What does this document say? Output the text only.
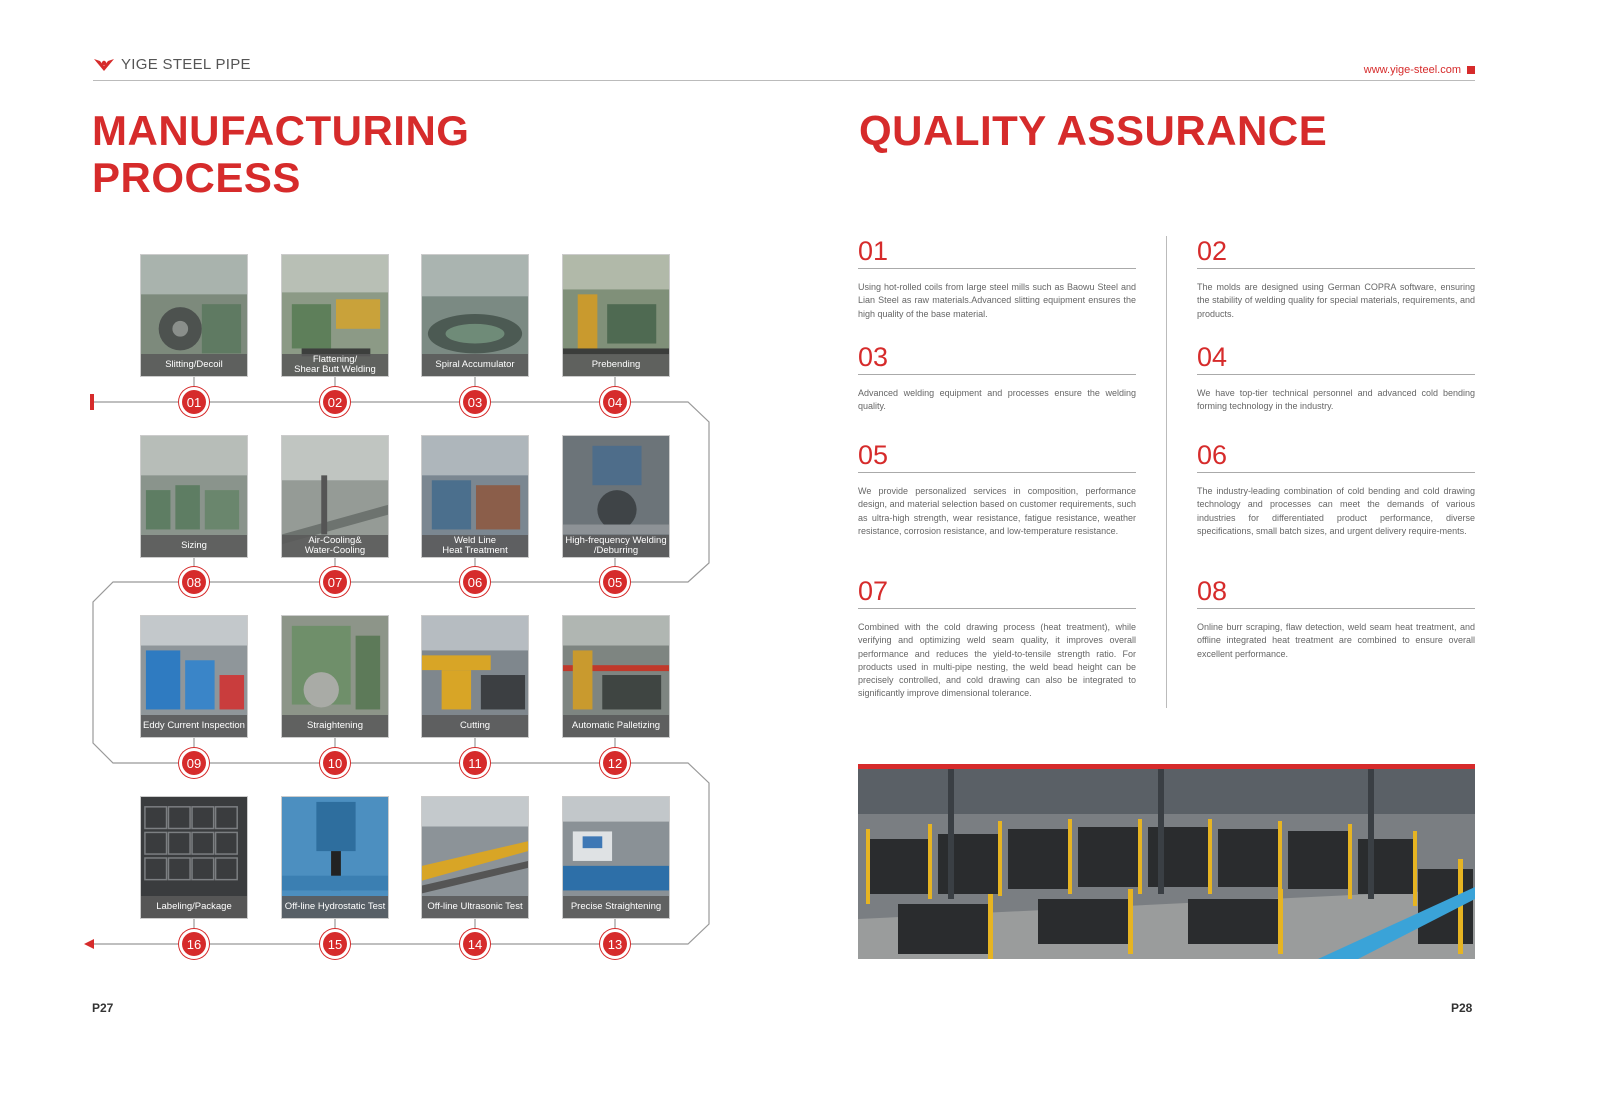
YIGE STEEL PIPE	www.yige-steel.com
MANUFACTURING
PROCESS
QUALITY ASSURANCE
Slitting/Decoil	Flattening/
Shear Butt Welding	Spiral Accumulator	Prebending
Sizing	Air-Cooling&
Water-Cooling
Weld Line
Heat Treatment
High-frequency Welding
/Deburring
Eddy Current Inspection	Straightening	Cutting	Automatic Palletizing
Labeling/Package	Off-line Hydrostatic Test	Off-line Ultrasonic Test	Precise Straightening
01	02	03	04
05
06
07
08
09	10	11	12
13
14
15
16
01
Using hot-rolled coils from large steel mills such as Baowu Steel and Lian Steel as raw materials.Advanced slitting equipment ensures the high quality of the base material.
02
The molds are designed using German COPRA software, ensuring the stability of welding quality for special materials, requirements, and products.
03
Advanced welding equipment and processes ensure the welding quality.
04
We have top-tier technical personnel and advanced cold bending forming technology in the industry.
05
We provide personalized services in composition, performance design, and material selection based on customer requirements, such as ultra-high strength, wear resistance, fatigue resistance, weather resistance, corrosion resistance, and low-temperature resistance.
06
The industry-leading combination of cold bending and cold drawing technology and processes can meet the demands of various industries for differentiated product performance, diverse specifications, small batch sizes, and urgent delivery require-ments.
07
Combined with the cold drawing process (heat treatment), while verifying and optimizing weld seam quality, it improves overall performance and reduces the yield-to-tensile strength ratio. For products used in multi-pipe nesting, the weld bead height can be precisely controlled, and cold drawing can also be integrated to significantly improve dimensional tolerance.
08
Online burr scraping, flaw detection, weld seam heat treatment, and offline integrated heat treatment are combined to ensure overall excellent performance.
P27	P28
